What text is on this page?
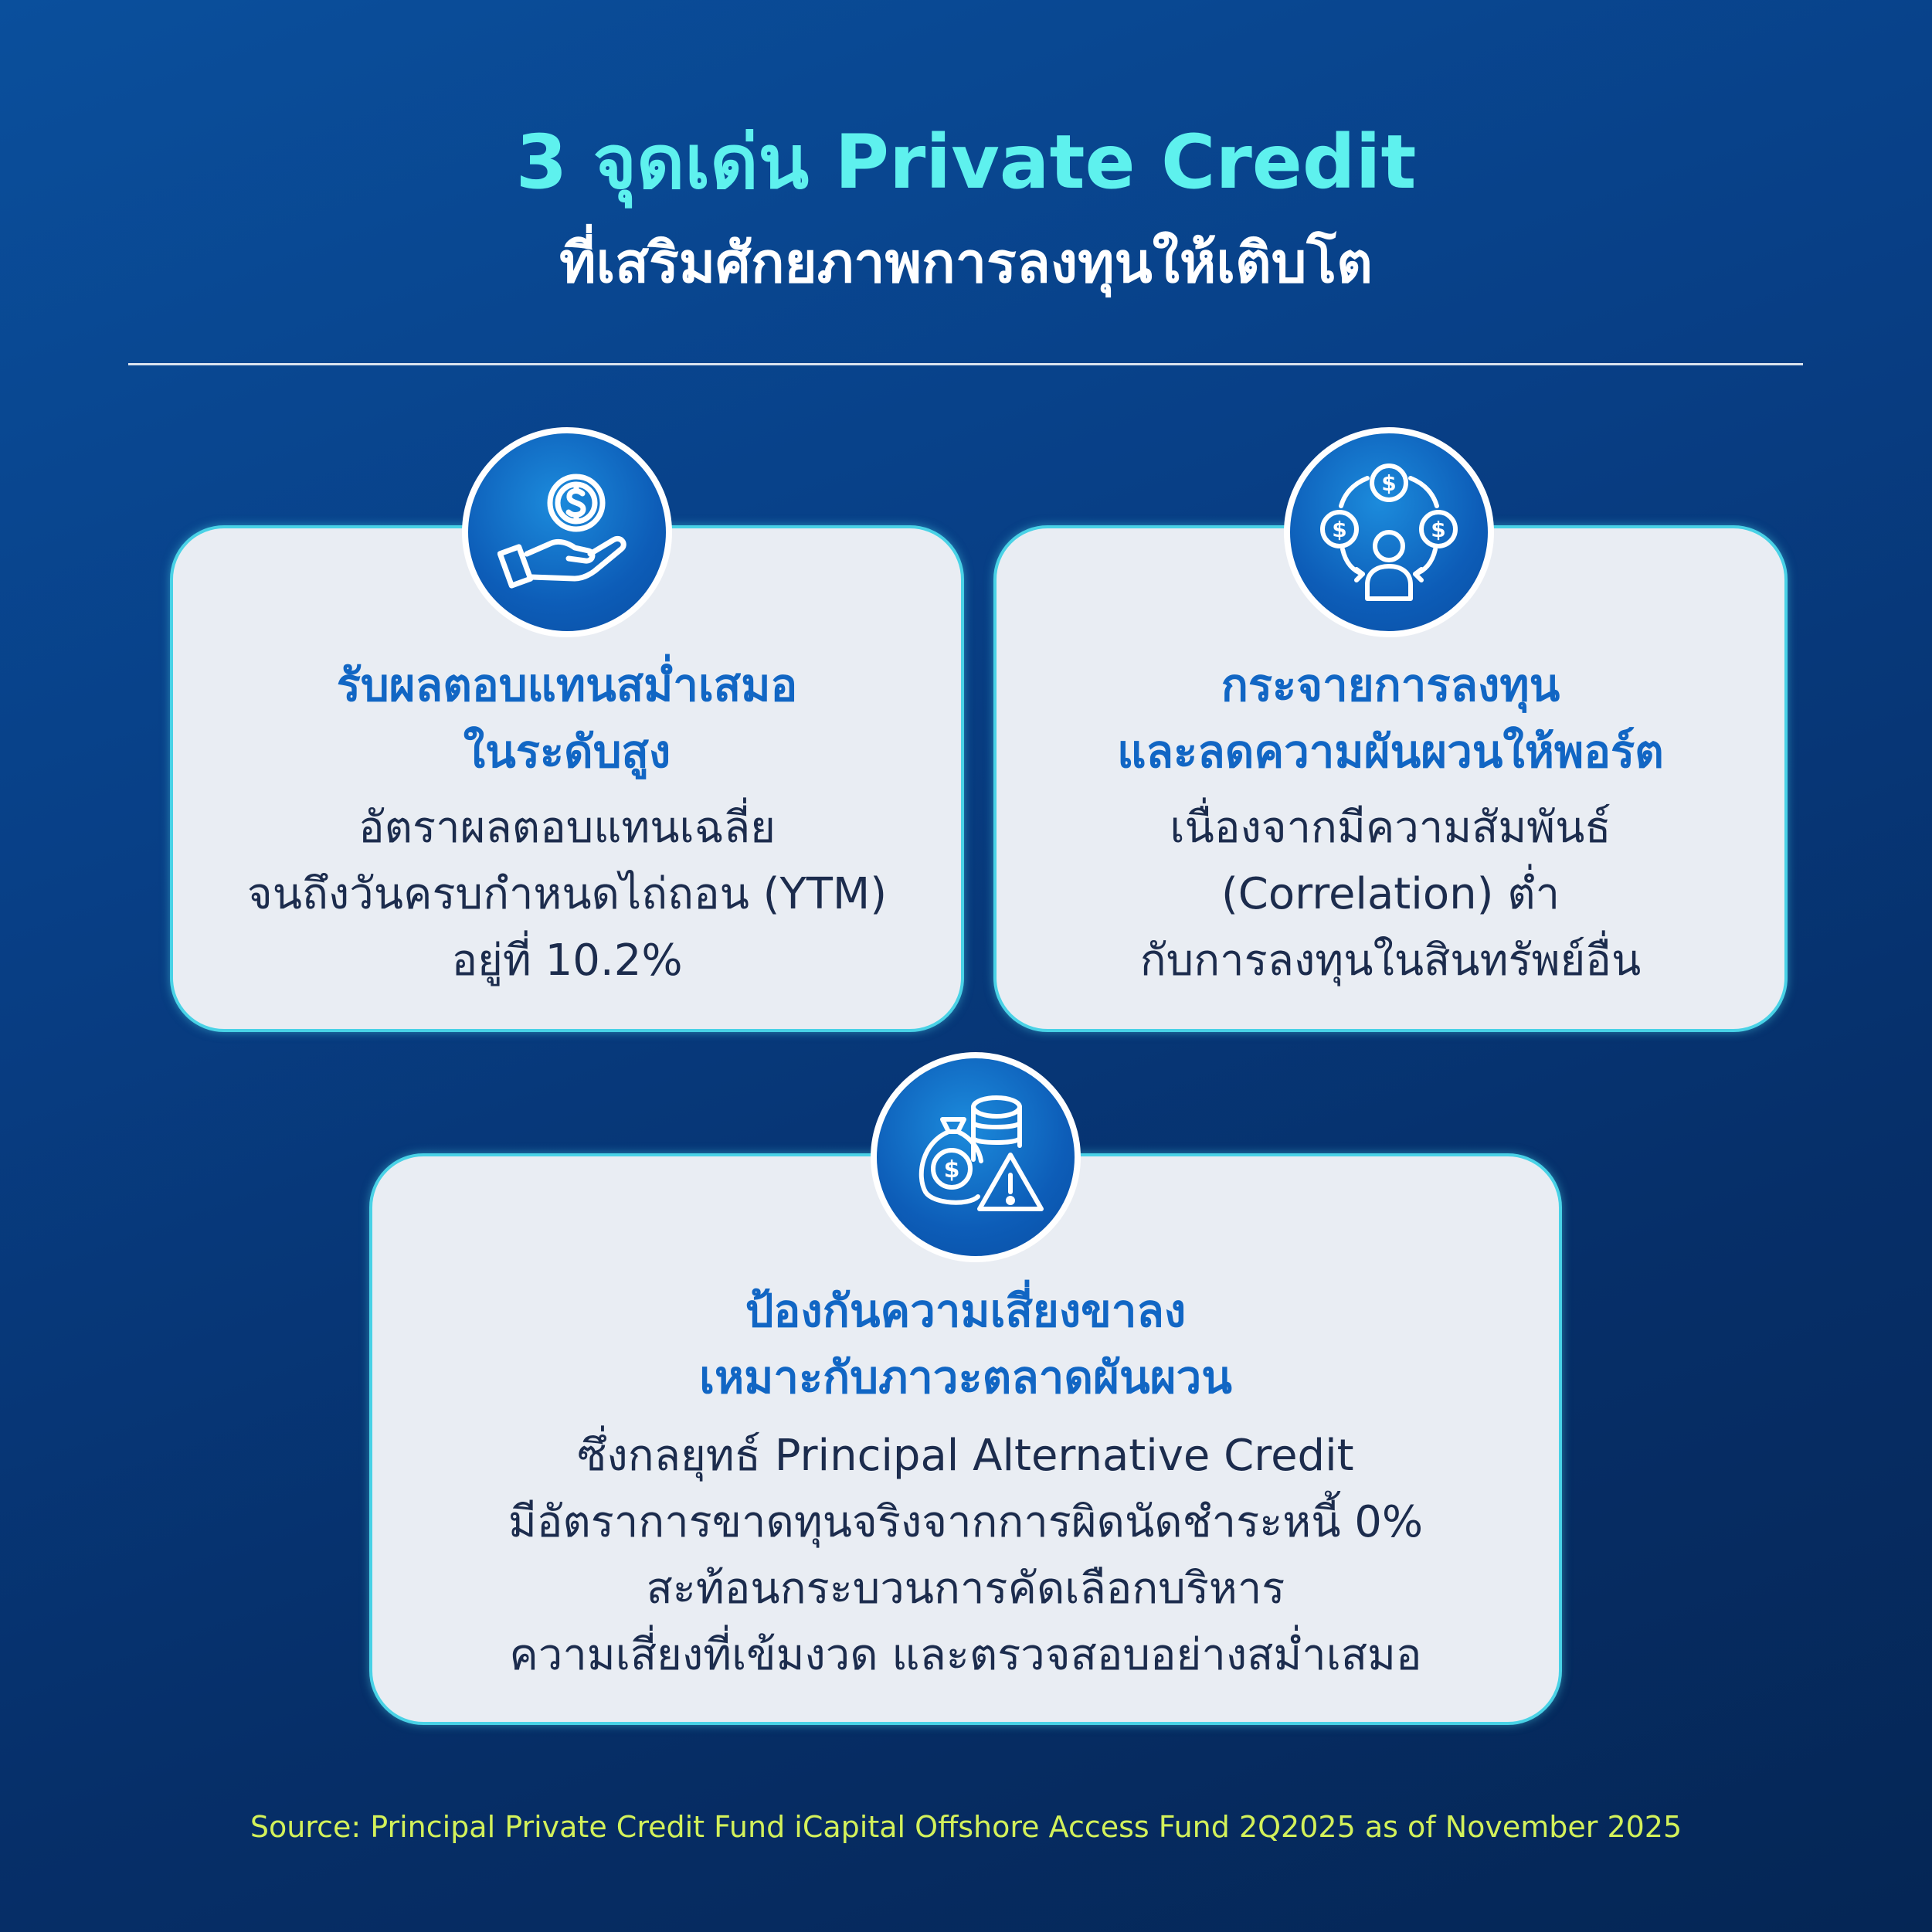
3 จุดเด่น Private Credit
ที่เสริมศักยภาพการลงทุนให้เติบโต
รับผลตอบแทนสม่ำเสมอ
ในระดับสูง
อัตราผลตอบแทนเฉลี่ย
จนถึงวันครบกำหนดไถ่ถอน (YTM)
อยู่ที่ 10.2%
กระจายการลงทุน
และลดความผันผวนให้พอร์ต
เนื่องจากมีความสัมพันธ์
(Correlation) ต่ำ
กับการลงทุนในสินทรัพย์อื่น
ป้องกันความเสี่ยงขาลง
เหมาะกับภาวะตลาดผันผวน
ซึ่งกลยุทธ์ Principal Alternative Credit
มีอัตราการขาดทุนจริงจากการผิดนัดชำระหนี้ 0%
สะท้อนกระบวนการคัดเลือกบริหาร
ความเสี่ยงที่เข้มงวด และตรวจสอบอย่างสม่ำเสมอ
$
$	$
$
Source: Principal Private Credit Fund iCapital Offshore Access Fund 2Q2025 as of November 2025
